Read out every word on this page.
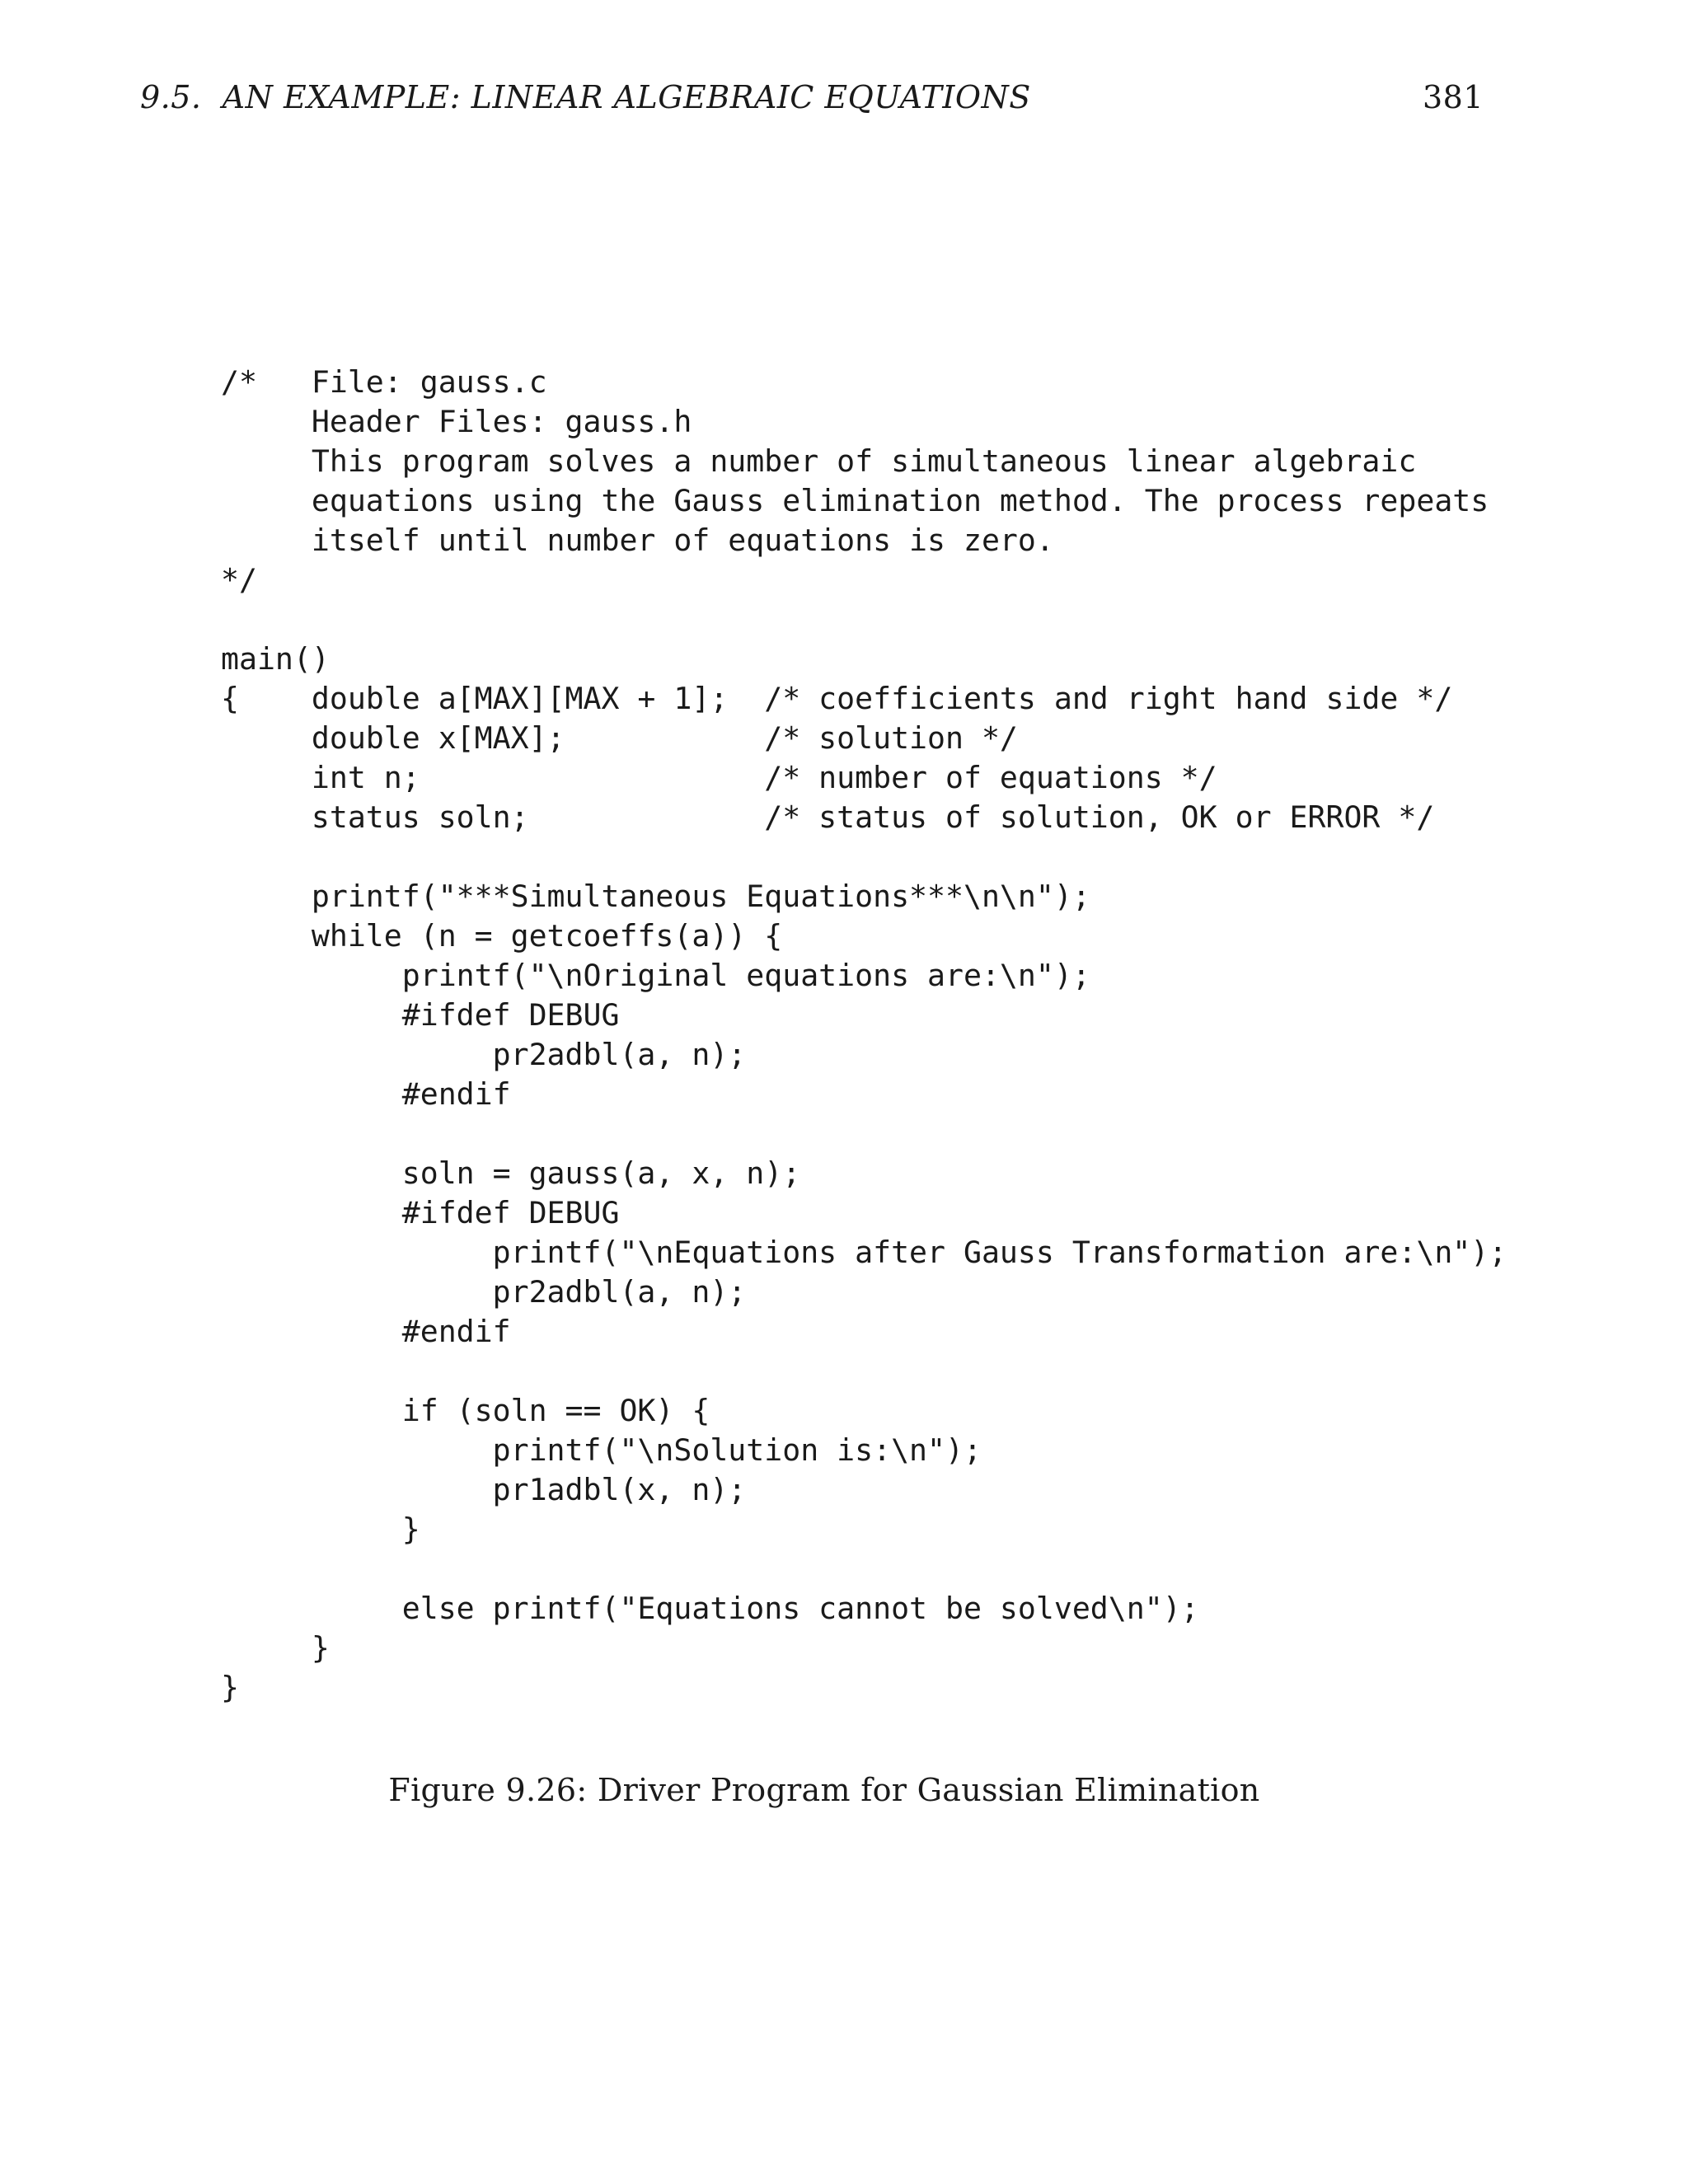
9.5.  AN EXAMPLE: LINEAR ALGEBRAIC EQUATIONS	381
/*   File: gauss.c
Header Files: gauss.h
This program solves a number of simultaneous linear algebraic
equations using the Gauss elimination method. The process repeats
itself until number of equations is zero.
*/
main()
{    double a[MAX][MAX + 1];  /* coefficients and right hand side */
double x[MAX];           /* solution */
int n;                   /* number of equations */
status soln;             /* status of solution, OK or ERROR */
printf("***Simultaneous Equations***\n\n");
while (n = getcoeffs(a)) {
printf("\nOriginal equations are:\n");
#ifdef DEBUG
pr2adbl(a, n);
#endif
soln = gauss(a, x, n);
#ifdef DEBUG
printf("\nEquations after Gauss Transformation are:\n");
pr2adbl(a, n);
#endif
if (soln == OK) {
printf("\nSolution is:\n");
pr1adbl(x, n);
}
else printf("Equations cannot be solved\n");
}
}
Figure 9.26: Driver Program for Gaussian Elimination
